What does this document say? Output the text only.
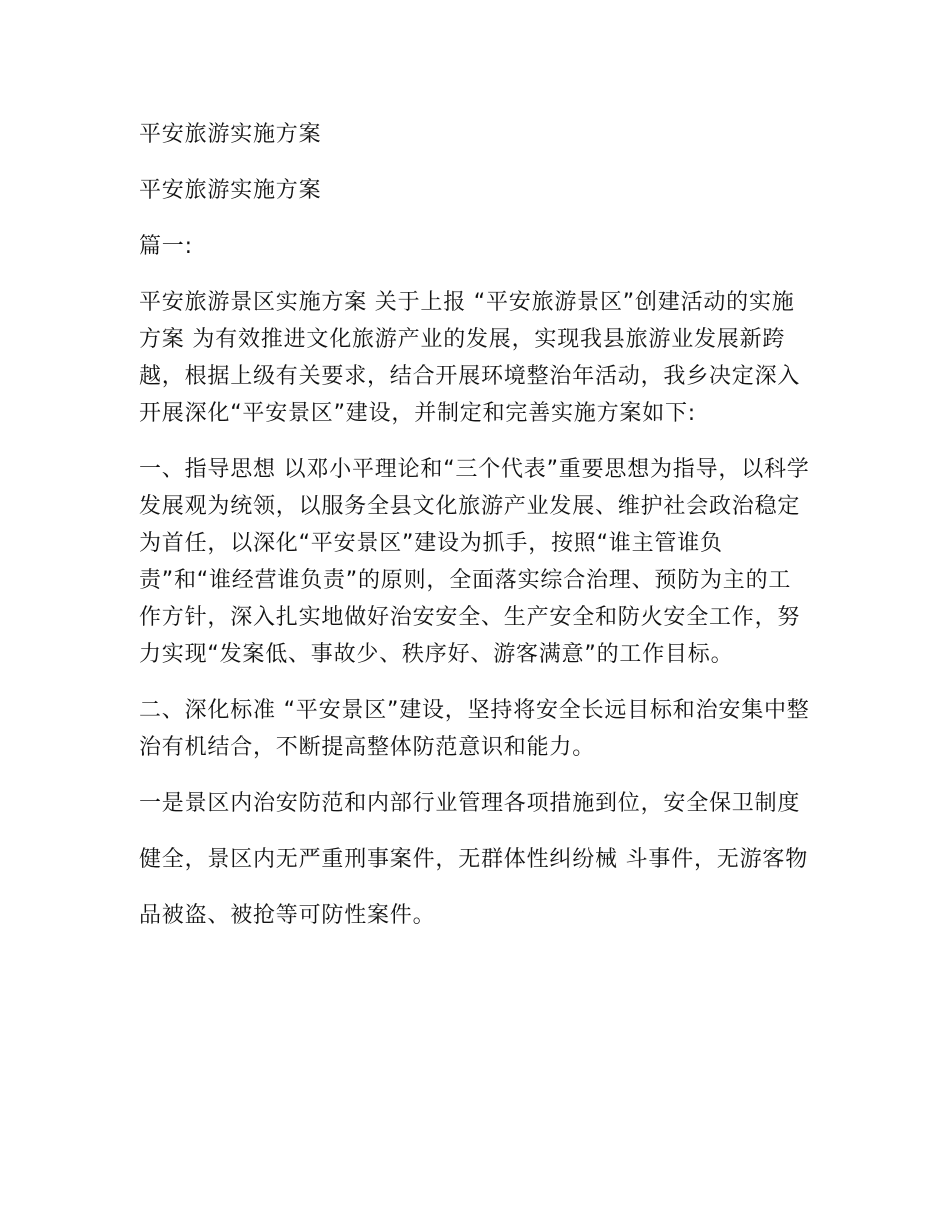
平安旅游实施方案

平安旅游实施方案

篇一:

平安旅游景区实施方案 关于上报 “平安旅游景区”创建活动的实施方案 为有效推进文化旅游产业的发展，实现我县旅游业发展新跨越，根据上级有关要求，结合开展环境整治年活动，我乡决定深入开展深化“平安景区”建设，并制定和完善实施方案如下:

一、指导思想 以邓小平理论和“三个代表”重要思想为指导，以科学发展观为统领，以服务全县文化旅游产业发展、维护社会政治稳定为首任，以深化“平安景区”建设为抓手，按照“谁主管谁负责”和“谁经营谁负责”的原则，全面落实综合治理、预防为主的工作方针，深入扎实地做好治安安全、生产安全和防火安全工作，努力实现“发案低、事故少、秩序好、游客满意”的工作目标。

二、深化标准 “平安景区”建设，坚持将安全长远目标和治安集中整治有机结合，不断提高整体防范意识和能力。

一是景区内治安防范和内部行业管理各项措施到位，安全保卫制度

健全，景区内无严重刑事案件，无群体性纠纷械 斗事件，无游客物

品被盗、被抢等可防性案件。
